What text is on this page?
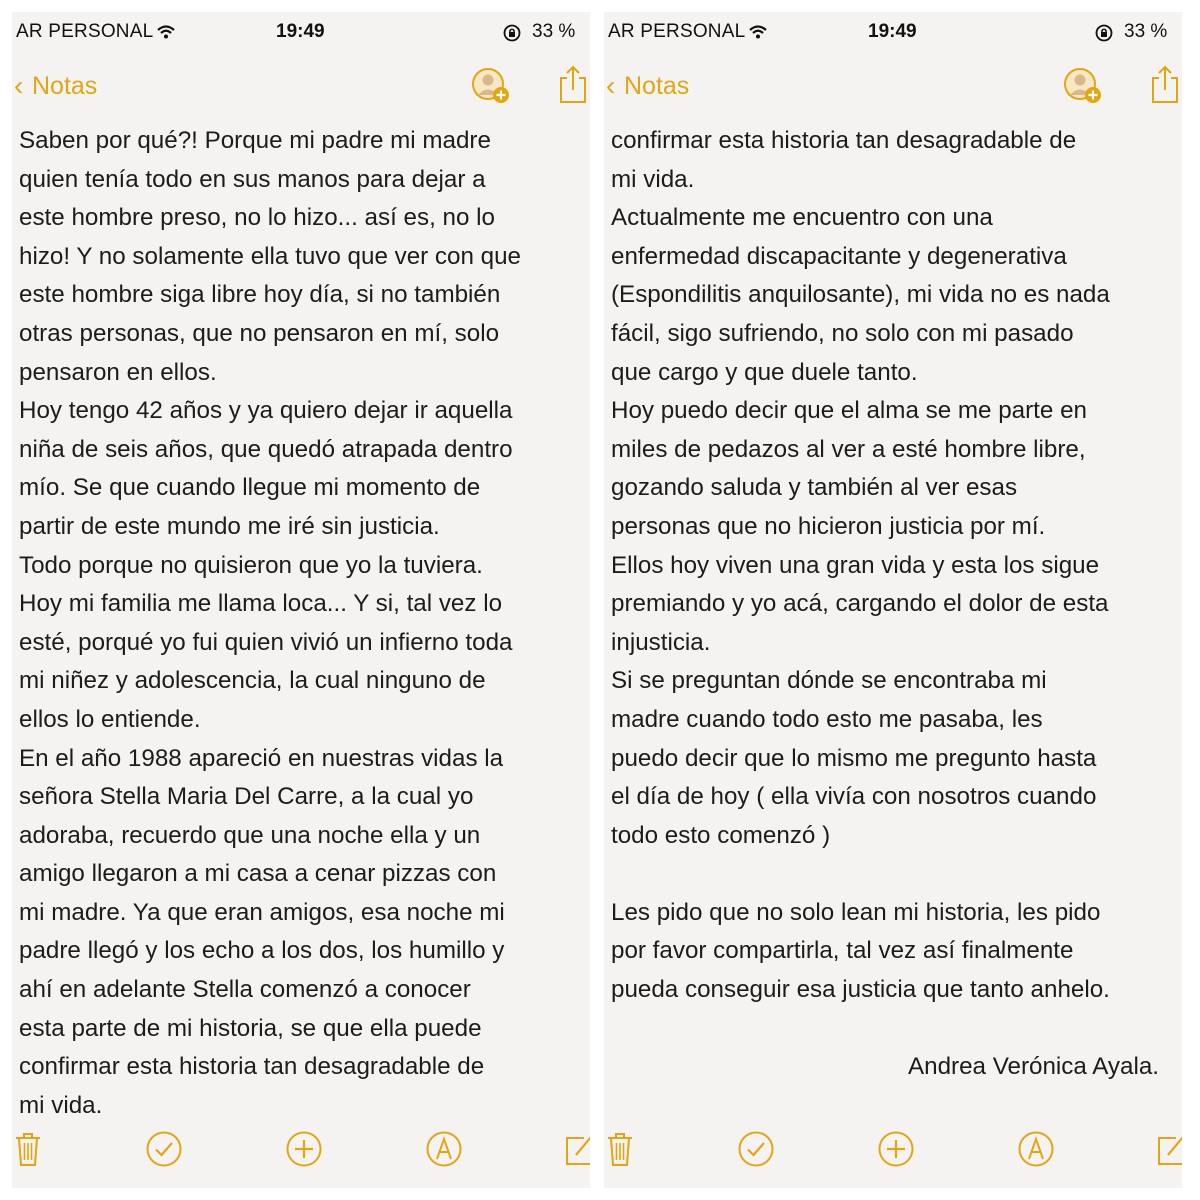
AR PERSONAL	19:49	33 %
‹ Notas
Saben por qué?! Porque mi padre mi madre
quien tenía todo en sus manos para dejar a
este hombre preso, no lo hizo... así es, no lo
hizo! Y no solamente ella tuvo que ver con que
este hombre siga libre hoy día, si no también
otras personas, que no pensaron en mí, solo
pensaron en ellos.
Hoy tengo 42 años y ya quiero dejar ir aquella
niña de seis años, que quedó atrapada dentro
mío. Se que cuando llegue mi momento de
partir de este mundo me iré sin justicia.
Todo porque no quisieron que yo la tuviera.
Hoy mi familia me llama loca... Y si, tal vez lo
esté, porqué yo fui quien vivió un infierno toda
mi niñez y adolescencia, la cual ninguno de
ellos lo entiende.
En el año 1988 apareció en nuestras vidas la
señora Stella Maria Del Carre, a la cual yo
adoraba, recuerdo que una noche ella y un
amigo llegaron a mi casa a cenar pizzas con
mi madre. Ya que eran amigos, esa noche mi
padre llegó y los echo a los dos, los humillo y
ahí en adelante Stella comenzó a conocer
esta parte de mi historia, se que ella puede
confirmar esta historia tan desagradable de
mi vida.
AR PERSONAL	19:49	33 %
‹ Notas
confirmar esta historia tan desagradable de
mi vida.
Actualmente me encuentro con una
enfermedad discapacitante y degenerativa
(Espondilitis anquilosante), mi vida no es nada
fácil, sigo sufriendo, no solo con mi pasado
que cargo y que duele tanto.
Hoy puedo decir que el alma se me parte en
miles de pedazos al ver a esté hombre libre,
gozando saluda y también al ver esas
personas que no hicieron justicia por mí.
Ellos hoy viven una gran vida y esta los sigue
premiando y yo acá, cargando el dolor de esta
injusticia.
Si se preguntan dónde se encontraba mi
madre cuando todo esto me pasaba, les
puedo decir que lo mismo me pregunto hasta
el día de hoy ( ella vivía con nosotros cuando
todo esto comenzó )
Les pido que no solo lean mi historia, les pido
por favor compartirla, tal vez así finalmente
pueda conseguir esa justicia que tanto anhelo.
Andrea Verónica Ayala.
